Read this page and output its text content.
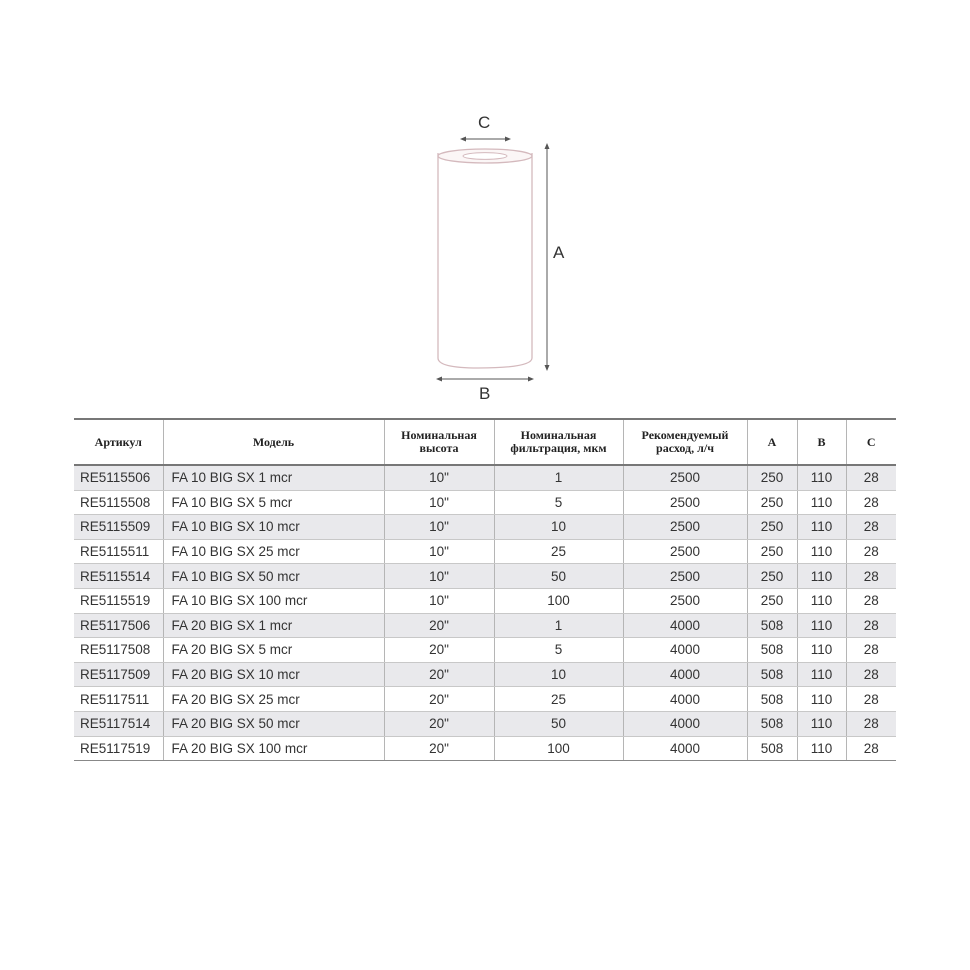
C
A
B
Артикул	Модель	Номинальная высота	Номинальная фильтрация, мкм	Рекомендуемый расход, л/ч	A	B	C
RE5115506	FA 10 BIG SX 1 mcr	10"	1	2500	250	110	28
RE5115508	FA 10 BIG SX 5 mcr	10"	5	2500	250	110	28
RE5115509	FA 10 BIG SX 10 mcr	10"	10	2500	250	110	28
RE5115511	FA 10 BIG SX 25 mcr	10"	25	2500	250	110	28
RE5115514	FA 10 BIG SX 50 mcr	10"	50	2500	250	110	28
RE5115519	FA 10 BIG SX 100 mcr	10"	100	2500	250	110	28
RE5117506	FA 20 BIG SX 1 mcr	20"	1	4000	508	110	28
RE5117508	FA 20 BIG SX 5 mcr	20"	5	4000	508	110	28
RE5117509	FA 20 BIG SX 10 mcr	20"	10	4000	508	110	28
RE5117511	FA 20 BIG SX 25 mcr	20"	25	4000	508	110	28
RE5117514	FA 20 BIG SX 50 mcr	20"	50	4000	508	110	28
RE5117519	FA 20 BIG SX 100 mcr	20"	100	4000	508	110	28
